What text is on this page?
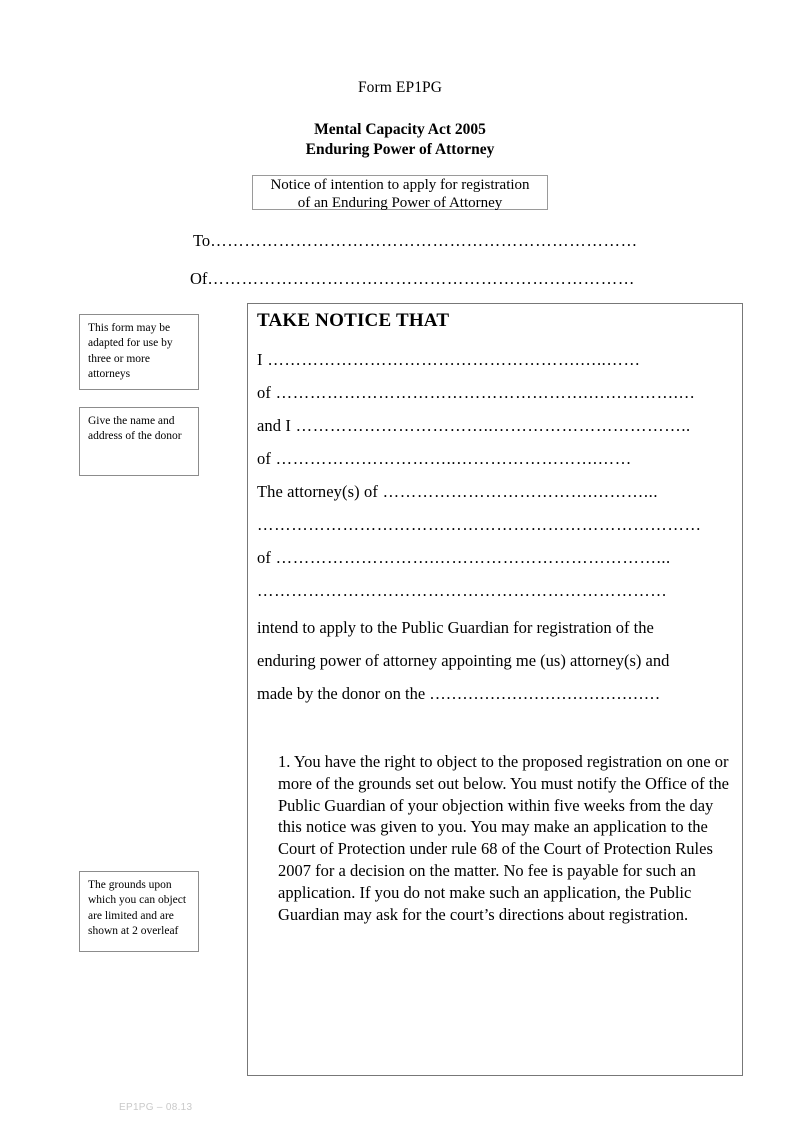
Form EP1PG
Mental Capacity Act 2005
Enduring Power of Attorney
Notice of intention to apply for registration
of an Enduring Power of Attorney
To…………………………………………………………………
Of…………………………………………………………………
This form may be adapted for use by three or more attorneys
Give the name and address of the donor
The grounds upon which you can object are limited and are shown at 2 overleaf
TAKE NOTICE THAT
I ……………………………………………….…..……
of ……………………………………………….…………….…
and I ……………………………..……………………………..
of …………………………..…………………….……
The attorney(s) of ……………………………….………...
……………………………………………………………………
of ……………………….…………………………………...
………………………………………………………………
intend to apply to the Public Guardian for registration of the
enduring power of attorney appointing me (us) attorney(s) and
made by the donor on the ……………………………………
1. You have the right to object to the proposed registration on one or more of the grounds set out below. You must notify the Office of the Public Guardian of your objection within five weeks from the day this notice was given to you. You may make an application to the Court of Protection under rule 68 of the Court of Protection Rules 2007 for a decision on the matter. No fee is payable for such an application. If you do not make such an application, the Public Guardian may ask for the court’s directions about registration.
EP1PG – 08.13
